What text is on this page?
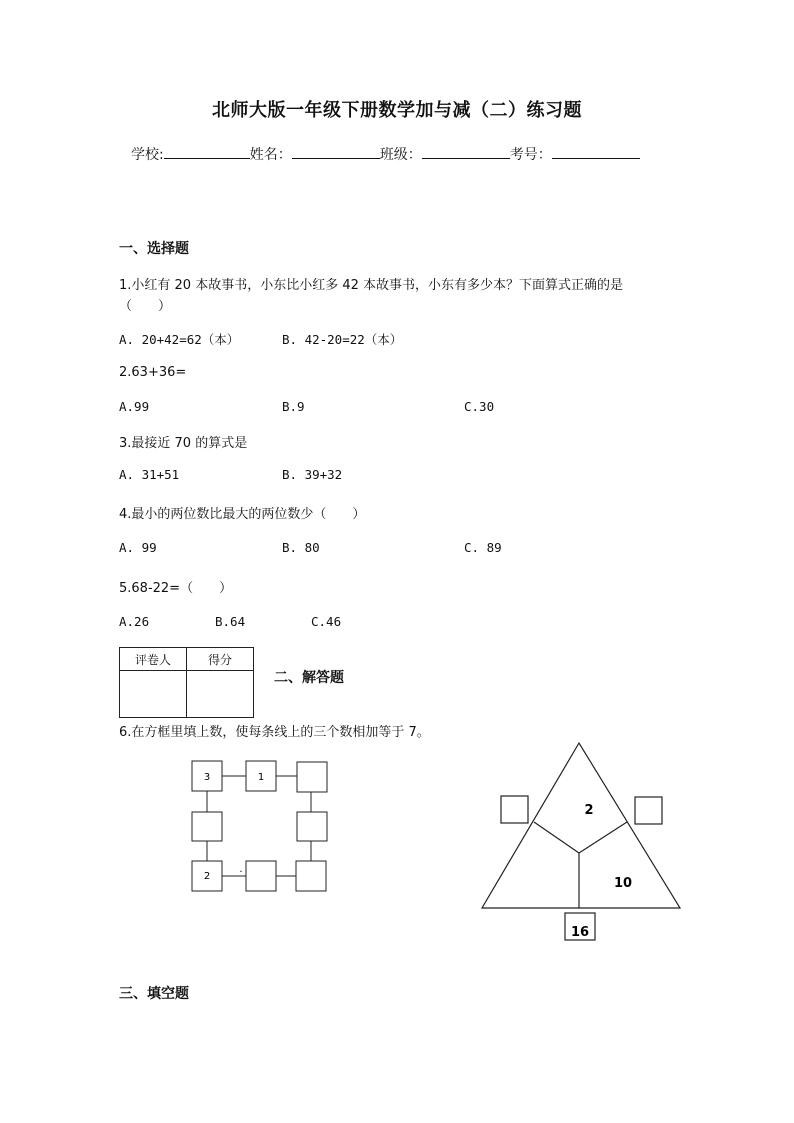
北师大版一年级下册数学加与减（二）练习题
学校:	姓名：	班级：	考号：
一、选择题
1.小红有 20 本故事书，小东比小红多 42 本故事书，小东有多少本？下面算式正确的是
（　　）
A. 20+42=62（本）	B. 42-20=22（本）
2.63+36=
A.99	B.9	C.30
3.最接近 70 的算式是
A. 31+51	B. 39+32
4.最小的两位数比最大的两位数少（　　）
A. 99	B. 80	C. 89
5.68-22=（　　）
A.26	B.64	C.46
评卷人	得分

二、解答题
6.在方框里填上数，使每条线上的三个数相加等于 7。
3	1
2	·
2
10
16
三、填空题
